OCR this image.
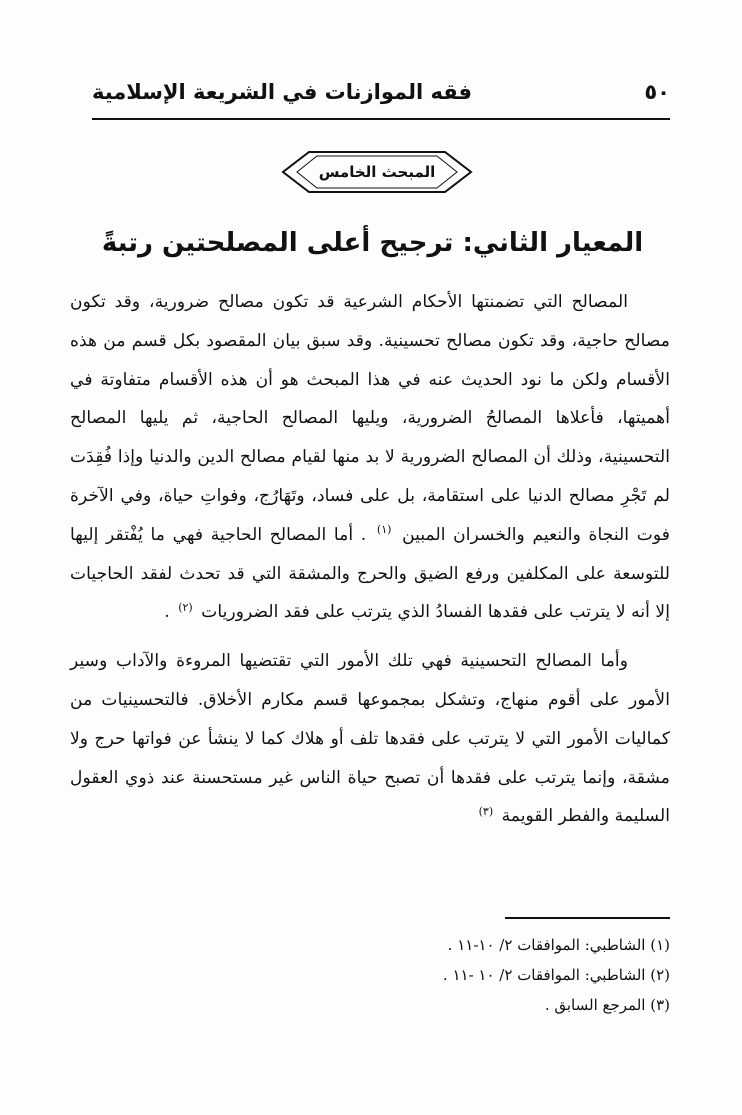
٥٠
فقه الموازنات في الشريعة الإسلامية
المبحث الخامس
المعيار الثاني: ترجيح أعلى المصلحتين رتبةً

المصالح التي تضمنتها الأحكام الشرعية قد تكون مصالح ضرورية، وقد تكون مصالح حاجية، وقد تكون مصالح تحسينية. وقد سبق بيان المقصود بكل قسم من هذه الأقسام ولكن ما نود الحديث عنه في هذا المبحث هو أن هذه الأقسام متفاوتة في أهميتها، فأعلاها المصالحُ الضرورية، ويليها المصالح الحاجية، ثم يليها المصالح التحسينية، وذلك أن المصالح الضرورية لا بد منها لقيام مصالح الدين والدنيا وإذا فُقِدَت لم تَجْرِ مصالح الدنيا على استقامة، بل على فساد، وتَهَارُج، وفواتِ حياة، وفي الآخرة فوت النجاة والنعيم والخسران المبين $^{(١)}$ . أما المصالح الحاجية فهي ما يُفْتقر إليها للتوسعة على المكلفين ورفع الضيق والحرج والمشقة التي قد تحدث لفقد الحاجيات إلا أنه لا يترتب على فقدها الفسادُ الذي يترتب على فقد الضروريات $^{(٢)}$ .

وأما المصالح التحسينية فهي تلك الأمور التي تقتضيها المروءة والآداب وسير الأمور على أقوم منهاج، وتشكل بمجموعها قسم مكارم الأخلاق. فالتحسينيات من كماليات الأمور التي لا يترتب على فقدها تلف أو هلاك كما لا ينشأ عن فواتها حرج ولا مشقة، وإنما يترتب على فقدها أن تصبح حياة الناس غير مستحسنة عند ذوي العقول السليمة والفطر القويمة $^{(٣)}$

(١) الشاطبي: الموافقات ٢/ ١٠-١١ .
(٢) الشاطبي: الموافقات ٢/ ١٠ -١١ .
(٣) المرجع السابق .
